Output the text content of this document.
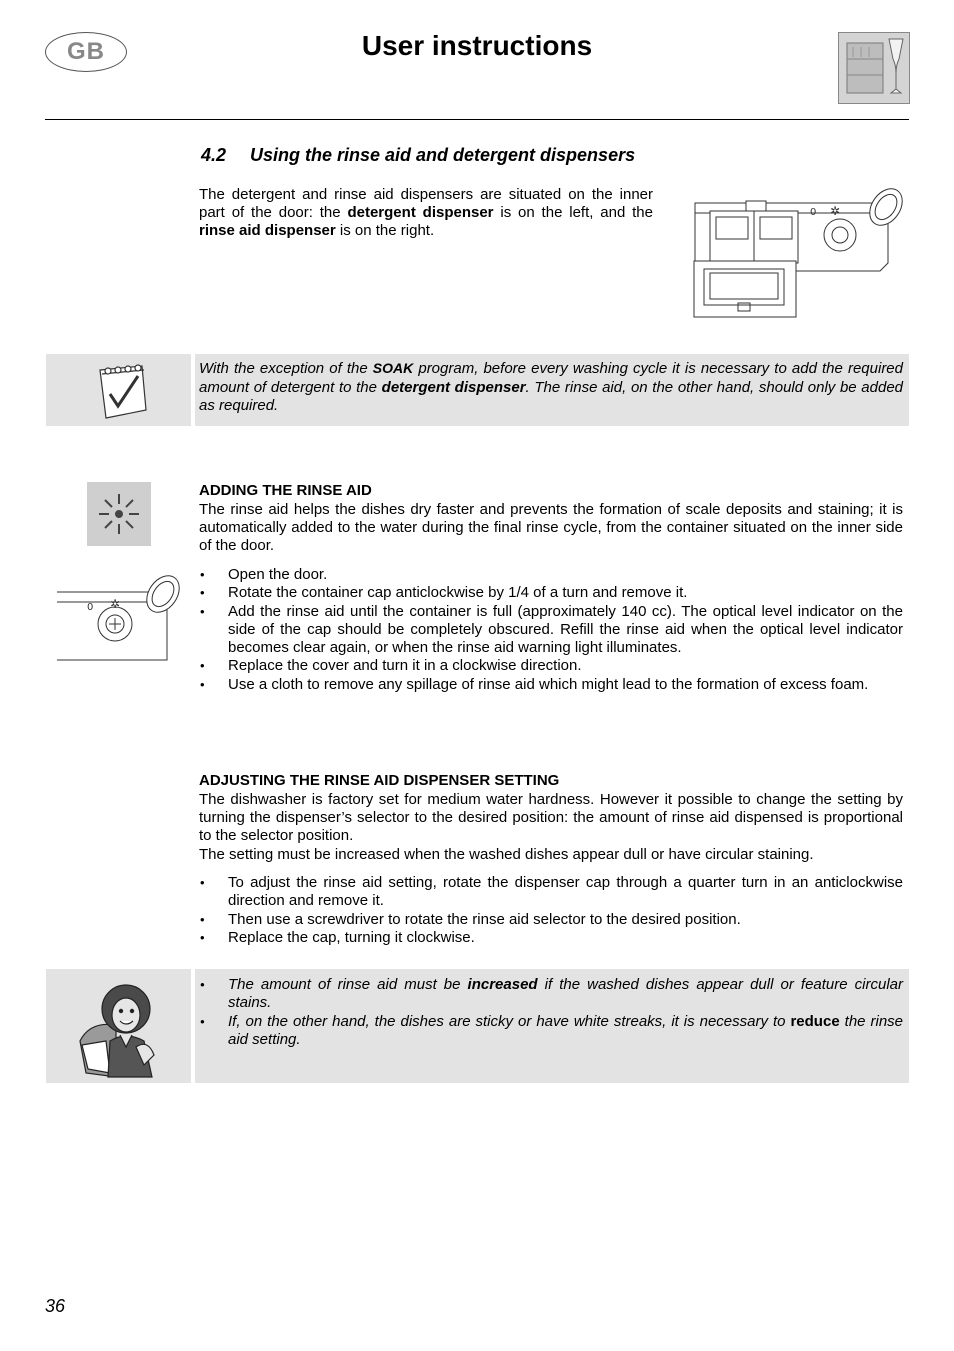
GB	User instructions
4.2 Using the rinse aid and detergent dispensers
The detergent and rinse aid dispensers are situated on the inner part of the door: the detergent dispenser is on the left, and the rinse aid dispenser is on the right.
0 ✲
With the exception of the SOAK program, before every washing cycle it is necessary to add the required amount of detergent to the detergent dispenser. The rinse aid, on the other hand, should only be added as required.
ADDING THE RINSE AID
The rinse aid helps the dishes dry faster and prevents the formation of scale deposits and staining; it is automatically added to the water during the final rinse cycle, from the container situated on the inner side of the door.
0 ✲
• Open the door.
• Rotate the container cap anticlockwise by 1/4 of a turn and remove it.
• Add the rinse aid until the container is full (approximately 140 cc). The optical level indicator on the side of the cap should be completely obscured. Refill the rinse aid when the optical level indicator becomes clear again, or when the rinse aid warning light illuminates.
• Replace the cover and turn it in a clockwise direction.
• Use a cloth to remove any spillage of rinse aid which might lead to the formation of excess foam.
ADJUSTING THE RINSE AID DISPENSER SETTING
The dishwasher is factory set for medium water hardness. However it possible to change the setting by turning the dispenser’s selector to the desired position: the amount of rinse aid dispensed is proportional to the selector position.
The setting must be increased when the washed dishes appear dull or have circular staining.
• To adjust the rinse aid setting, rotate the dispenser cap through a quarter turn in an anticlockwise direction and remove it.
• Then use a screwdriver to rotate the rinse aid selector to the desired position.
• Replace the cap, turning it clockwise.
• The amount of rinse aid must be increased if the washed dishes appear dull or feature circular stains.
• If, on the other hand, the dishes are sticky or have white streaks, it is necessary to reduce the rinse aid setting.
36
